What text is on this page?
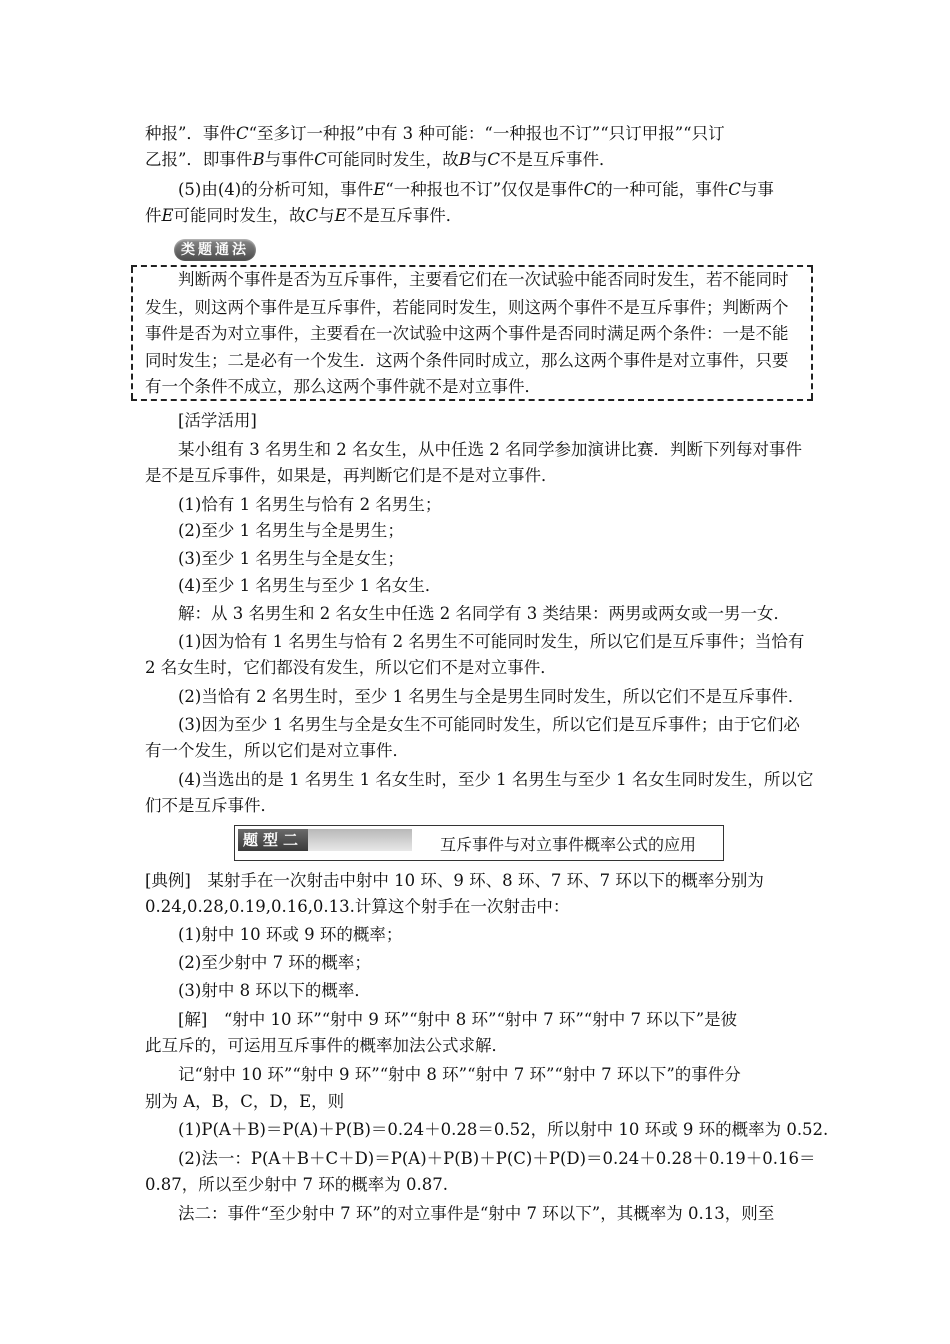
种报”．事件C“至多订一种报”中有 3 种可能：“一种报也不订”“只订甲报”“只订
乙报”．即事件B与事件C可能同时发生，故B与C不是互斥事件．
(5)由(4)的分析可知，事件E“一种报也不订”仅仅是事件C的一种可能，事件C与事
件E可能同时发生，故C与E不是互斥事件．
类题通法
判断两个事件是否为互斥事件，主要看它们在一次试验中能否同时发生，若不能同时
发生，则这两个事件是互斥事件，若能同时发生，则这两个事件不是互斥事件；判断两个
事件是否为对立事件，主要看在一次试验中这两个事件是否同时满足两个条件：一是不能
同时发生；二是必有一个发生．这两个条件同时成立，那么这两个事件是对立事件，只要
有一个条件不成立，那么这两个事件就不是对立事件．
[活学活用]
某小组有 3 名男生和 2 名女生，从中任选 2 名同学参加演讲比赛．判断下列每对事件
是不是互斥事件，如果是，再判断它们是不是对立事件．
(1)恰有 1 名男生与恰有 2 名男生；
(2)至少 1 名男生与全是男生；
(3)至少 1 名男生与全是女生；
(4)至少 1 名男生与至少 1 名女生．
解：从 3 名男生和 2 名女生中任选 2 名同学有 3 类结果：两男或两女或一男一女．
(1)因为恰有 1 名男生与恰有 2 名男生不可能同时发生，所以它们是互斥事件；当恰有
2 名女生时，它们都没有发生，所以它们不是对立事件．
(2)当恰有 2 名男生时，至少 1 名男生与全是男生同时发生，所以它们不是互斥事件．
(3)因为至少 1 名男生与全是女生不可能同时发生，所以它们是互斥事件；由于它们必
有一个发生，所以它们是对立事件．
(4)当选出的是 1 名男生 1 名女生时，至少 1 名男生与至少 1 名女生同时发生，所以它
们不是互斥事件．
题型二	互斥事件与对立事件概率公式的应用
[典例]　某射手在一次射击中射中 10 环、9 环、8 环、7 环、7 环以下的概率分别为
0.24,0.28,0.19,0.16,0.13.计算这个射手在一次射击中：
(1)射中 10 环或 9 环的概率；
(2)至少射中 7 环的概率；
(3)射中 8 环以下的概率．
[解]　“射中 10 环”“射中 9 环”“射中 8 环”“射中 7 环”“射中 7 环以下”是彼
此互斥的，可运用互斥事件的概率加法公式求解．
记“射中 10 环”“射中 9 环”“射中 8 环”“射中 7 环”“射中 7 环以下”的事件分
别为 A，B，C，D，E，则
(1)P(A＋B)＝P(A)＋P(B)＝0.24＋0.28＝0.52，所以射中 10 环或 9 环的概率为 0.52.
(2)法一：P(A＋B＋C＋D)＝P(A)＋P(B)＋P(C)＋P(D)＝0.24＋0.28＋0.19＋0.16＝
0.87，所以至少射中 7 环的概率为 0.87.
法二：事件“至少射中 7 环”的对立事件是“射中 7 环以下”，其概率为 0.13，则至
